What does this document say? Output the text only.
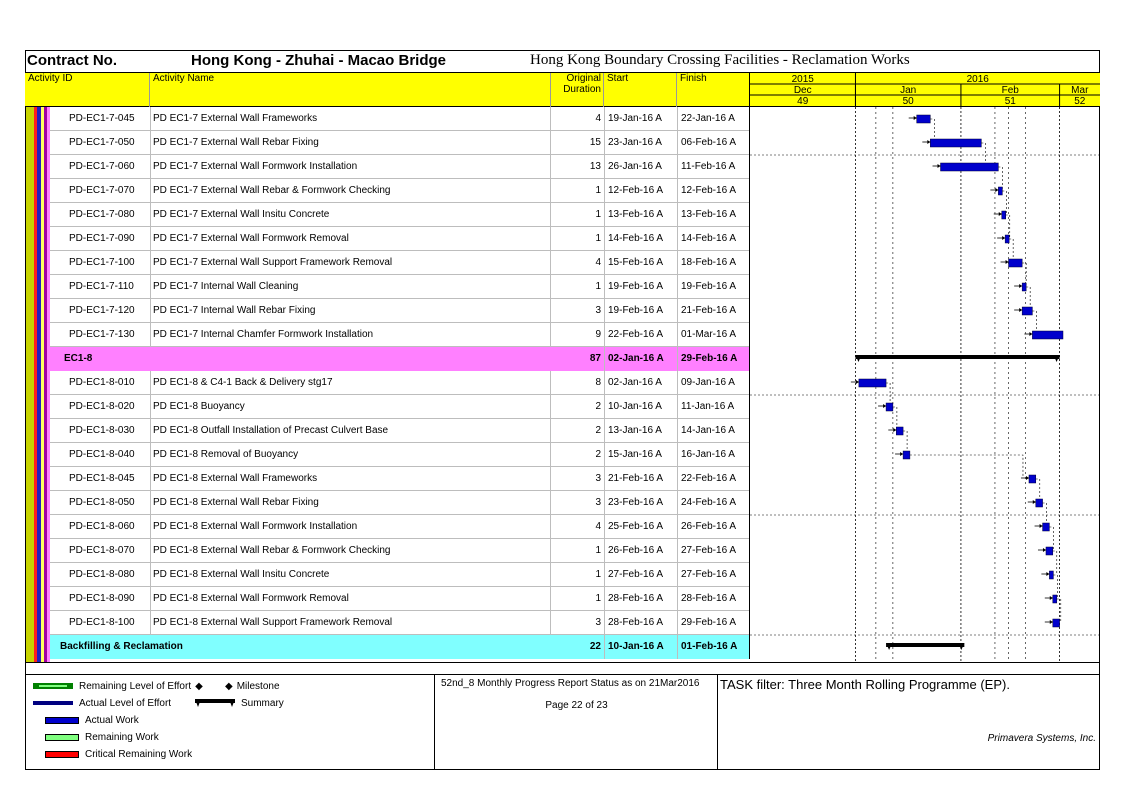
Contract No.	Hong Kong - Zhuhai - Macao Bridge	Hong Kong Boundary Crossing Facilities - Reclamation Works
Activity ID	Activity Name	Original
Duration
Start	Finish	2015	2016
Dec	Jan	Feb	Mar
49	50	51	52
PD-EC1-7-045	PD EC1-7 External Wall Frameworks	4 19-Jan-16 A	22-Jan-16 A
PD-EC1-7-050	PD EC1-7 External Wall Rebar Fixing	15 23-Jan-16 A	06-Feb-16 A
PD-EC1-7-060	PD EC1-7 External Wall Formwork Installation	13 26-Jan-16 A	11-Feb-16 A
PD-EC1-7-070	PD EC1-7 External Wall Rebar & Formwork Checking	1 12-Feb-16 A	12-Feb-16 A
PD-EC1-7-080	PD EC1-7 External Wall Insitu Concrete	1 13-Feb-16 A	13-Feb-16 A
PD-EC1-7-090	PD EC1-7 External Wall Formwork Removal	1 14-Feb-16 A	14-Feb-16 A
PD-EC1-7-100	PD EC1-7 External Wall Support Framework Removal	4 15-Feb-16 A	18-Feb-16 A
PD-EC1-7-110	PD EC1-7 Internal Wall Cleaning	1 19-Feb-16 A	19-Feb-16 A
PD-EC1-7-120	PD EC1-7 Internal Wall Rebar Fixing	3 19-Feb-16 A	21-Feb-16 A
PD-EC1-7-130	PD EC1-7 Internal Chamfer Formwork Installation	9 22-Feb-16 A	01-Mar-16 A
EC1-8	87 02-Jan-16 A	29-Feb-16 A
PD-EC1-8-010	PD EC1-8 & C4-1 Back & Delivery stg17	8 02-Jan-16 A	09-Jan-16 A
PD-EC1-8-020	PD EC1-8 Buoyancy	2 10-Jan-16 A	11-Jan-16 A
PD-EC1-8-030	PD EC1-8 Outfall Installation of Precast Culvert Base	2 13-Jan-16 A	14-Jan-16 A
PD-EC1-8-040	PD EC1-8 Removal of Buoyancy	2 15-Jan-16 A	16-Jan-16 A
PD-EC1-8-045	PD EC1-8 External Wall Frameworks	3 21-Feb-16 A	22-Feb-16 A
PD-EC1-8-050	PD EC1-8 External Wall Rebar Fixing	3 23-Feb-16 A	24-Feb-16 A
PD-EC1-8-060	PD EC1-8 External Wall Formwork Installation	4 25-Feb-16 A	26-Feb-16 A
PD-EC1-8-070	PD EC1-8 External Wall Rebar & Formwork Checking	1 26-Feb-16 A	27-Feb-16 A
PD-EC1-8-080	PD EC1-8 External Wall Insitu Concrete	1 27-Feb-16 A	27-Feb-16 A
PD-EC1-8-090	PD EC1-8 External Wall Formwork Removal	1 28-Feb-16 A	28-Feb-16 A
PD-EC1-8-100	PD EC1-8 External Wall Support Framework Removal	3 28-Feb-16 A	29-Feb-16 A
Backfilling & Reclamation	22 10-Jan-16 A	01-Feb-16 A
Remaining Level of Effort ◆ ◆ Milestone
Actual Level of Effort	Summary
Actual Work
Remaining Work
Critical Remaining Work
52nd_8 Monthly Progress Report Status as on 21Mar2016
Page 22 of 23
TASK filter: Three Month Rolling Programme (EP).
Primavera Systems, Inc.
